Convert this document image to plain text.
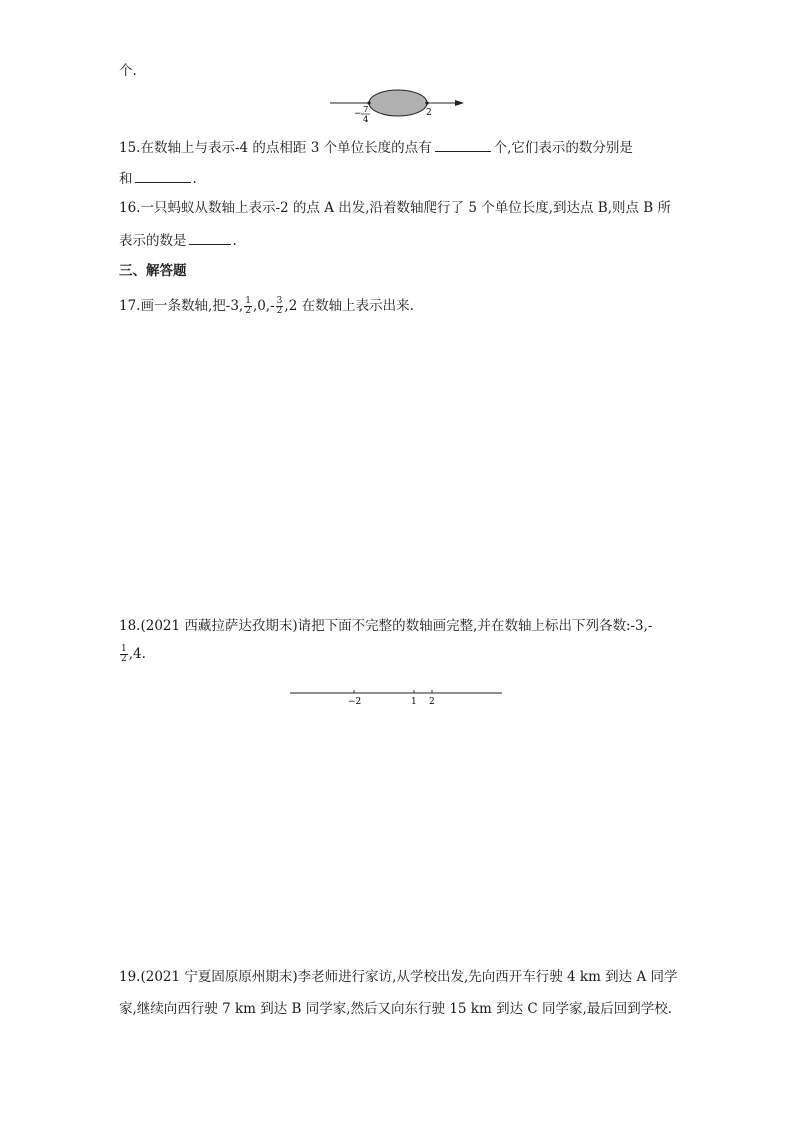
个.
− 7
4
2
15.在数轴上与表示-4 的点相距 3 个单位长度的点有	个,它们表示的数分别是
和	.
16.一只蚂蚁从数轴上表示-2 的点 A 出发,沿着数轴爬行了 5 个单位长度,到达点 B,则点 B 所
表示的数是	.
三、解答题
17.画一条数轴,把-3, $\frac{1}{2} ,0,- \frac{3}{2} ,2$ 在数轴上表示出来.
18.(2021 西藏拉萨达孜期末)请把下面不完整的数轴画完整,并在数轴上标出下列各数:-3,-
$\frac{1}{2} ,4$.
−2	1 2
19.(2021 宁夏固原原州期末)李老师进行家访,从学校出发,先向西开车行驶 4 km 到达 A 同学
家,继续向西行驶 7 km 到达 B 同学家,然后又向东行驶 15 km 到达 C 同学家,最后回到学校.
